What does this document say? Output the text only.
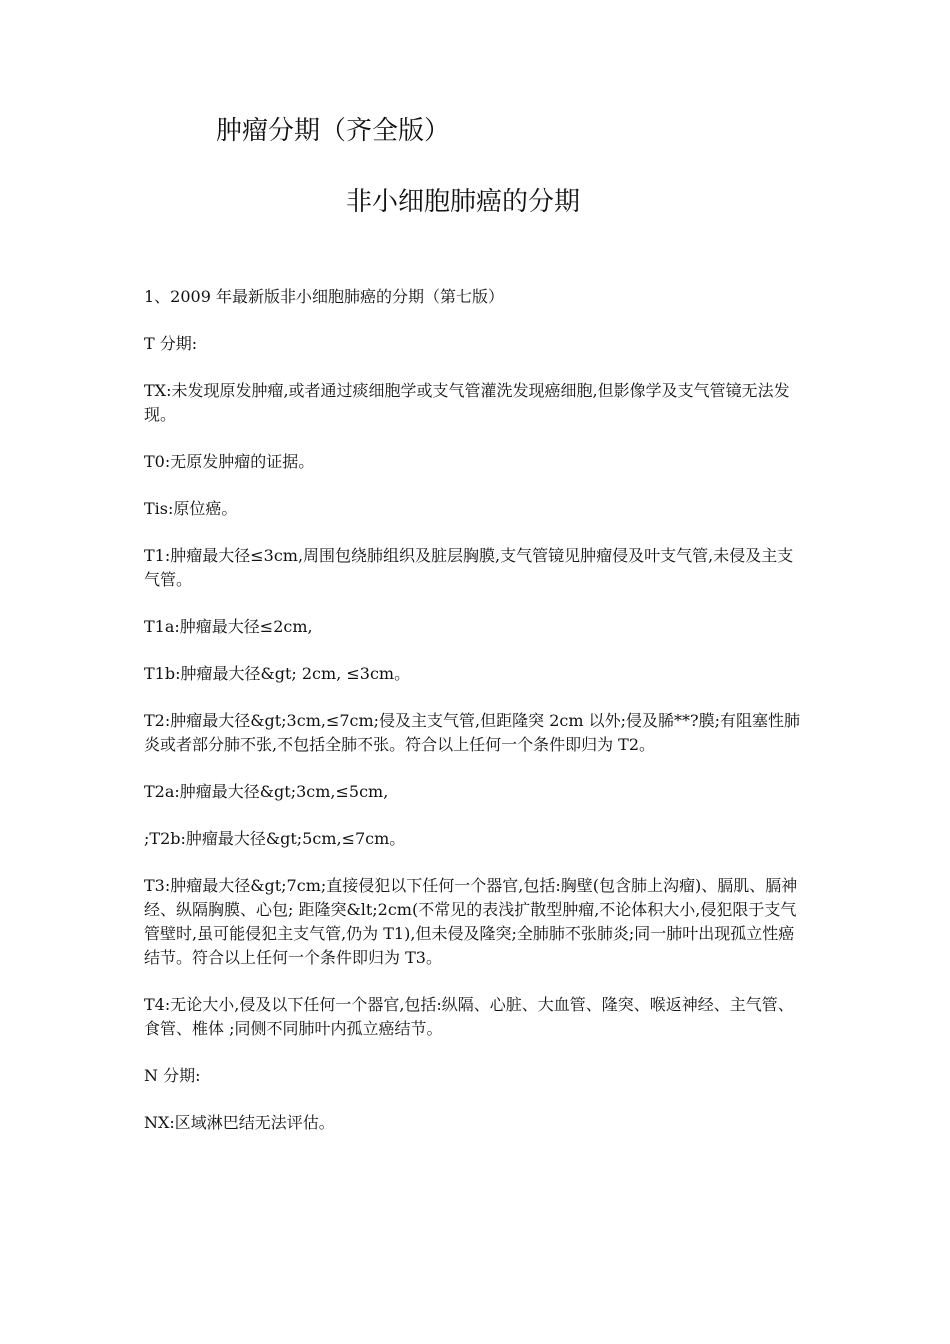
肿瘤分期（齐全版）
非小细胞肺癌的分期

1、2009 年最新版非小细胞肺癌的分期（第七版）

T 分期:

TX:未发现原发肿瘤,或者通过痰细胞学或支气管灌洗发现癌细胞,但影像学及支气管镜无法发现。

T0:无原发肿瘤的证据。

Tis:原位癌。

T1:肿瘤最大径≤3cm,周围包绕肺组织及脏层胸膜,支气管镜见肿瘤侵及叶支气管,未侵及主支气管。

T1a:肿瘤最大径≤2cm,

T1b:肿瘤最大径&gt; 2cm, ≤3cm。

T2:肿瘤最大径&gt;3cm,≤7cm;侵及主支气管,但距隆突 2cm 以外;侵及脪**?膜;有阻塞性肺炎或者部分肺不张,不包括全肺不张。符合以上任何一个条件即归为 T2。

T2a:肿瘤最大径&gt;3cm,≤5cm,

;T2b:肿瘤最大径&gt;5cm,≤7cm。

T3:肿瘤最大径&gt;7cm;直接侵犯以下任何一个器官,包括:胸壁(包含肺上沟瘤)、膈肌、膈神经、纵隔胸膜、心包; 距隆突&lt;2cm(不常见的表浅扩散型肿瘤,不论体积大小,侵犯限于支气管壁时,虽可能侵犯主支气管,仍为 T1),但未侵及隆突;全肺肺不张肺炎;同一肺叶出现孤立性癌结节。符合以上任何一个条件即归为 T3。

T4:无论大小,侵及以下任何一个器官,包括:纵隔、心脏、大血管、隆突、喉返神经、主气管、食管、椎体 ;同侧不同肺叶内孤立癌结节。

N 分期:

NX:区域淋巴结无法评估。
